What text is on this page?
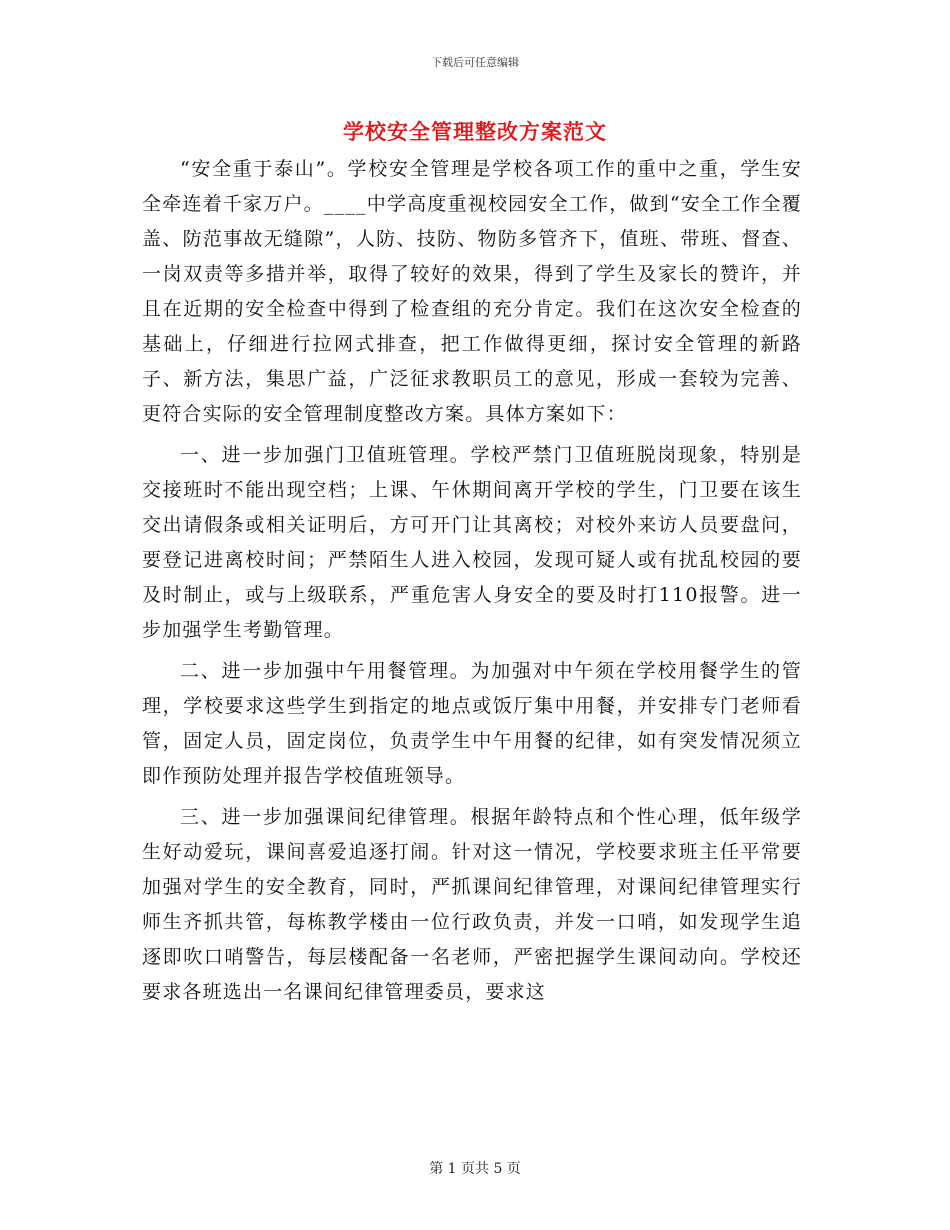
下载后可任意编辑
学校安全管理整改方案范文

“安全重于泰山”。学校安全管理是学校各项工作的重中之重，学生安全牵连着千家万户。____中学高度重视校园安全工作，做到“安全工作全覆盖、防范事故无缝隙”，人防、技防、物防多管齐下，值班、带班、督查、一岗双责等多措并举，取得了较好的效果，得到了学生及家长的赞许，并且在近期的安全检查中得到了检查组的充分肯定。我们在这次安全检查的基础上，仔细进行拉网式排查，把工作做得更细，探讨安全管理的新路子、新方法，集思广益，广泛征求教职员工的意见，形成一套较为完善、更符合实际的安全管理制度整改方案。具体方案如下：

一、进一步加强门卫值班管理。学校严禁门卫值班脱岗现象，特别是交接班时不能出现空档；上课、午休期间离开学校的学生，门卫要在该生交出请假条或相关证明后，方可开门让其离校；对校外来访人员要盘问，要登记进离校时间；严禁陌生人进入校园，发现可疑人或有扰乱校园的要及时制止，或与上级联系，严重危害人身安全的要及时打110报警。进一步加强学生考勤管理。

二、进一步加强中午用餐管理。为加强对中午须在学校用餐学生的管理，学校要求这些学生到指定的地点或饭厅集中用餐，并安排专门老师看管，固定人员，固定岗位，负责学生中午用餐的纪律，如有突发情况须立即作预防处理并报告学校值班领导。

三、进一步加强课间纪律管理。根据年龄特点和个性心理，低年级学生好动爱玩，课间喜爱追逐打闹。针对这一情况，学校要求班主任平常要加强对学生的安全教育，同时，严抓课间纪律管理，对课间纪律管理实行师生齐抓共管，每栋教学楼由一位行政负责，并发一口哨，如发现学生追逐即吹口哨警告，每层楼配备一名老师，严密把握学生课间动向。学校还要求各班选出一名课间纪律管理委员，要求这

第 1 页共 5 页
